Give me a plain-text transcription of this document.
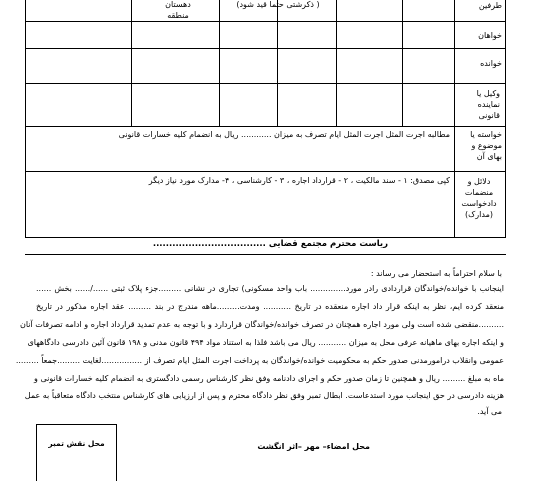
( ذکرشتی حتما قید شود)
دهستان
منطقه
طرفین
خواهان
خوانده
وکیل یا نماینده قانونی
خواسته یا موضوع و بهای آن
دلائل و منضمات دادخواست (مدارک)
مطالبه اجرت المثل اجرت المثل ایام تصرف به میزان ............ ریال به انضمام کلیه خسارات قانونی
کپی مصدق: ۱ - سند مالکیت ، ۲ - قرارداد اجاره ، ۳ - کارشناسی ، ۴- مدارک مورد نیاز دیگر
ریاست محترم مجتمع قضایی ...................................
با سلام احتراماً به استحضار می رساند :
اینجانب با خوانده/خواندگان قراردادی رادر مورد.............. باب واحد مسکونی) تجاری در نشانی .........جزء پلاک ثبتی ....../...... بخش ......
منعقد کرده ایم، نظر به اینکه قرار داد اجاره منعقده در تاریخ ........... ومدت.........ماهه مندرج در بند ......... عقد اجاره مذکور در تاریخ
..........منقضی شده است ولی مورد اجاره همچنان در تصرف خوانده/خواندگان قراردارد و با توجه به عدم تمدید قرارداد اجاره و ادامه تصرفات آنان
و اینکه اجاره بهای ماهیانه عرفی محل به میزان ........... ریال می باشد فلذا به استناد مواد ۴۹۴ قانون مدنی و ۱۹۸ قانون آئین دادرسی دادگاههای
عمومی وانقلاب درامورمدنی صدور حکم به محکومیت خوانده/خواندگان به پرداخت اجرت المثل ایام تصرف از ................لغایت .........جمعاً .........
ماه به مبلغ ......... ریال و همچنین تا زمان صدور حکم و اجرای دادنامه وفق نظر کارشناس رسمی دادگستری به انضمام کلیه خسارات قانونی و
هزینه دادرسی در حق اینجانب مورد استدعاست. ابطال تمبر وفق نظر دادگاه محترم و پس از ارزیابی های کارشناس منتخب دادگاه متعاقباً به عمل
می آید.
محل امضاء– مهر –اثر انگشت
محل نقش تمبر
